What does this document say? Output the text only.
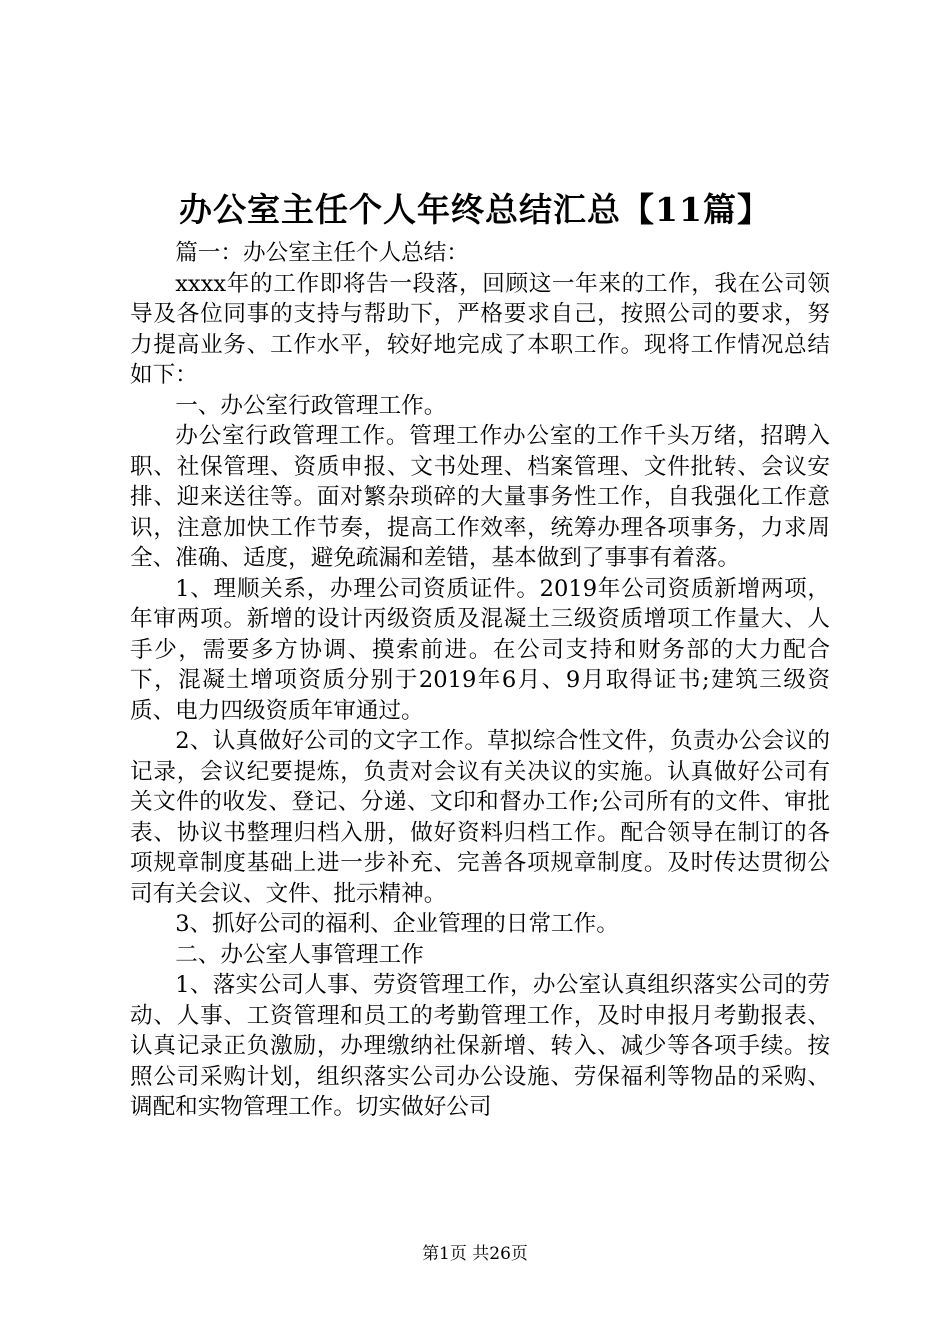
办公室主任个人年终总结汇总【11篇】

篇一：办公室主任个人总结：

xxxx年的工作即将告一段落，回顾这一年来的工作，我在公司领导及各位同事的支持与帮助下，严格要求自己，按照公司的要求，努力提高业务、工作水平，较好地完成了本职工作。现将工作情况总结如下：

一、办公室行政管理工作。

办公室行政管理工作。管理工作办公室的工作千头万绪，招聘入职、社保管理、资质申报、文书处理、档案管理、文件批转、会议安排、迎来送往等。面对繁杂琐碎的大量事务性工作，自我强化工作意识，注意加快工作节奏，提高工作效率，统筹办理各项事务，力求周全、准确、适度，避免疏漏和差错，基本做到了事事有着落。

1、理顺关系，办理公司资质证件。2019年公司资质新增两项，年审两项。新增的设计丙级资质及混凝土三级资质增项工作量大、人手少，需要多方协调、摸索前进。在公司支持和财务部的大力配合下，混凝土增项资质分别于2019年6月、9月取得证书;建筑三级资质、电力四级资质年审通过。

2、认真做好公司的文字工作。草拟综合性文件，负责办公会议的记录，会议纪要提炼，负责对会议有关决议的实施。认真做好公司有关文件的收发、登记、分递、文印和督办工作;公司所有的文件、审批表、协议书整理归档入册，做好资料归档工作。配合领导在制订的各项规章制度基础上进一步补充、完善各项规章制度。及时传达贯彻公司有关会议、文件、批示精神。

3、抓好公司的福利、企业管理的日常工作。

二、办公室人事管理工作

1、落实公司人事、劳资管理工作，办公室认真组织落实公司的劳动、人事、工资管理和员工的考勤管理工作，及时申报月考勤报表、认真记录正负激励，办理缴纳社保新增、转入、减少等各项手续。按照公司采购计划，组织落实公司办公设施、劳保福利等物品的采购、调配和实物管理工作。切实做好公司

第1页 共26页
